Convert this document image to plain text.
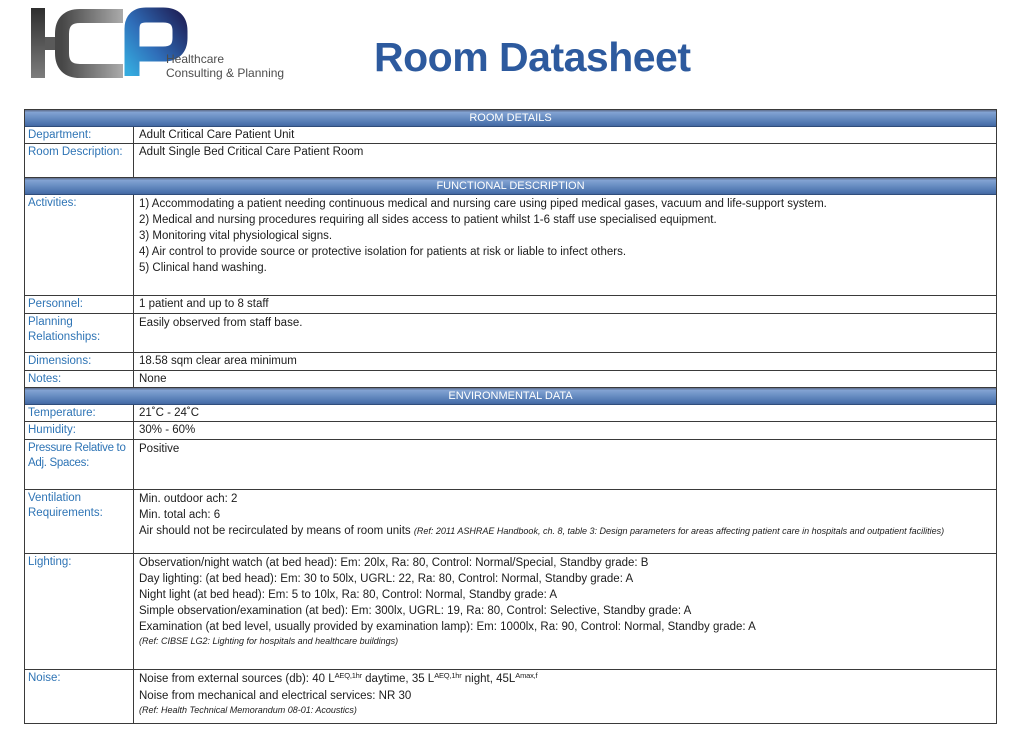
Healthcare
Consulting & Planning Room Datasheet
ROOM DETAILS
Department:	Adult Critical Care Patient Unit
Room Description:	Adult Single Bed Critical Care Patient Room
FUNCTIONAL DESCRIPTION
Activities:	1) Accommodating a patient needing continuous medical and nursing care using piped medical gases, vacuum and life-support system.
2) Medical and nursing procedures requiring all sides access to patient whilst 1-6 staff use specialised equipment.
3) Monitoring vital physiological signs.
4) Air control to provide source or protective isolation for patients at risk or liable to infect others.
5) Clinical hand washing.
Personnel:	1 patient and up to 8 staff
Planning Relationships:
Easily observed from staff base.
Dimensions:	18.58 sqm clear area minimum
Notes:	None
ENVIRONMENTAL DATA
Temperature:	21˚C - 24˚C
Humidity:	30% - 60%
Pressure Relative to Adj. Spaces:
Positive
Ventilation Requirements:
Min. outdoor ach: 2
Min. total ach: 6
Air should not be recirculated by means of room units (Ref: 2011 ASHRAE Handbook, ch. 8, table 3: Design parameters for areas affecting patient care in hospitals and outpatient facilities)
Lighting:	Observation/night watch (at bed head): Em: 20lx, Ra: 80, Control: Normal/Special, Standby grade: B
Day lighting: (at bed head): Em: 30 to 50lx, UGRL: 22, Ra: 80, Control: Normal, Standby grade: A
Night light (at bed head): Em: 5 to 10lx, Ra: 80, Control: Normal, Standby grade: A
Simple observation/examination (at bed): Em: 300lx, UGRL: 19, Ra: 80, Control: Selective, Standby grade: A
Examination (at bed level, usually provided by examination lamp): Em: 1000lx, Ra: 90, Control: Normal, Standby grade: A
(Ref: CIBSE LG2: Lighting for hospitals and healthcare buildings)
Noise:	Noise from external sources (db): 40 $L^{AEQ,1hr}$ daytime, 35 $L^{AEQ,1hr}$ night, $45L^{Amax,f}$
Noise from mechanical and electrical services: NR 30
(Ref: Health Technical Memorandum 08-01: Acoustics)
